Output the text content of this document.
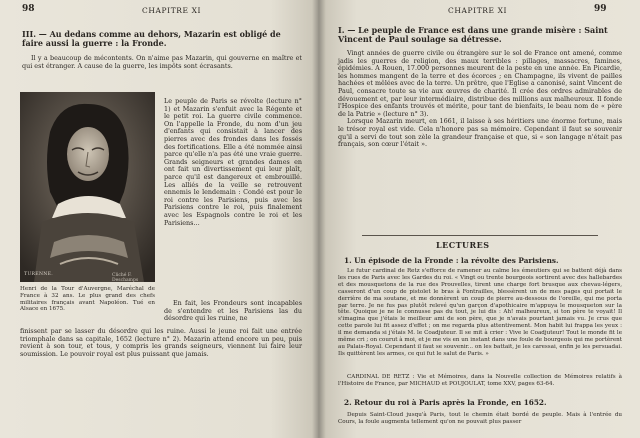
98	CHAPITRE XI
III. — Au dedans comme au dehors, Mazarin est obligé de faire aussi la guerre : la Fronde.

Il y a beaucoup de mécontents. On n'aime pas Mazarin, qui gouverne en maître et qui est étranger. A cause de la guerre, les impôts sont écrasants.

TURENNE.	Cliché F. Deschamps
Henri de la Tour d'Auvergne, Maréchal de France à 32 ans. Le plus grand des chefs militaires français avant Napoléon. Tué en Alsace en 1675.
Le peuple de Paris se révolte (lecture n° 1) et Mazarin s'enfuit avec la Régente et le petit roi. La guerre civile commence. On l'appelle la Fronde, du nom d'un jeu d'enfants qui consistait à lancer des pierres avec des frondes dans les fossés des fortifications. Elle a été nommée ainsi parce qu'elle n'a pas été une vraie guerre. Grands seigneurs et grandes dames en ont fait un divertissement qui leur plaît, parce qu'il est dangereux et embrouillé. Les alliés de la veille se retrouvent ennemis le lendemain : Condé est pour le roi contre les Parisiens, puis avec les Parisiens contre le roi, puis finalement avec les Espagnols contre le roi et les Parisiens…
En fait, les Frondeurs sont incapables de s'entendre et les Parisiens las du désordre qui les ruine, ne
finissent par se lasser du désordre qui les ruine. Aussi le jeune roi fait une entrée triomphale dans sa capitale, 1652 (lecture n° 2). Mazarin attend encore un peu, puis revient à son tour, et tous, y compris les grands seigneurs, viennent lui faire leur soumission. Le pouvoir royal est plus puissant que jamais.
CHAPITRE XI	99
I. — Le peuple de France est dans une grande misère : Saint Vincent de Paul soulage sa détresse.

Vingt années de guerre civile ou étrangère sur le sol de France ont amené, comme jadis les guerres de religion, des maux terribles : pillages, massacres, famines, épidémies. A Rouen, 17.000 personnes meurent de la peste en une année. En Picardie, les hommes mangent de la terre et des écorces ; en Champagne, ils vivent de pailles hachées et mêlées avec de la terre. Un prêtre, que l'Eglise a canonisé, saint Vincent de Paul, consacre toute sa vie aux œuvres de charité. Il crée des ordres admirables de dévouement et, par leur intermédiaire, distribue des millions aux malheureux. Il fonde l'Hospice des enfants trouvés et mérite, pour tant de bienfaits, le beau nom de « père de la Patrie » (lecture n° 3).

Lorsque Mazarin meurt, en 1661, il laisse à ses héritiers une énorme fortune, mais le trésor royal est vide. Cela n'honore pas sa mémoire. Cependant il faut se souvenir qu'il a servi de tout son zèle la grandeur française et que, si « son langage n'était pas français, son cœur l'était ».

LECTURES
1. Un épisode de la Fronde : la révolte des Parisiens.
Le futur cardinal de Retz s'efforce de ramener au calme les émeutiers qui se battent déjà dans les rues de Paris avec les Gardes du roi. « Vingt ou trente bourgeois sortirent avec des hallebardes et des mousquetons de la rue des Prouvelles, tirent une charge fort brusque aux chevau-légers, casseront d'un coup de pistolet le bras à Fontrailles, blessèrent un de mes pages qui portait le derrière de ma soutane, et me donnèrent un coup de pierre au-dessous de l'oreille, qui me porta par terre. Je ne fus pas plutôt relevé qu'un garçon d'apothicaire m'appuya le mousqueton sur la tête. Quoique je ne le connusse pas du tout, je lui dis : Ah! malheureux, si ton père te voyait! Il s'imagina que j'étais le meilleur ami de son père, que je n'avais pourtant jamais vu. Je crus que cette parole lui fit assez d'effet ; on me regarda plus attentivement. Mon habit lui frappa les yeux : il me demanda si j'étais M. le Coadjuteur. Il se mit à crier : Vive le Coadjuteur! Tout le monde fit le même cri ; on courut à moi, et je me vis en un instant dans une foule de bourgeois qui me portèrent au Palais-Royal. Cependant il faut se souvenir... on les battait, je les caressai, enfin je les persuadai. Ils quittèrent les armes, ce qui fut le salut de Paris. »
CARDINAL DE RETZ : Vie et Mémoires, dans la Nouvelle collection de Mémoires relatifs à l'Histoire de France, par MICHAUD et POUJOULAT, tome XXV, pages 63-64.
2. Retour du roi à Paris après la Fronde, en 1652.
Depuis Saint-Cloud jusqu'à Paris, tout le chemin était bordé de peuple. Mais à l'entrée du Cours, la foule augmenta tellement qu'on ne pouvait plus passer
